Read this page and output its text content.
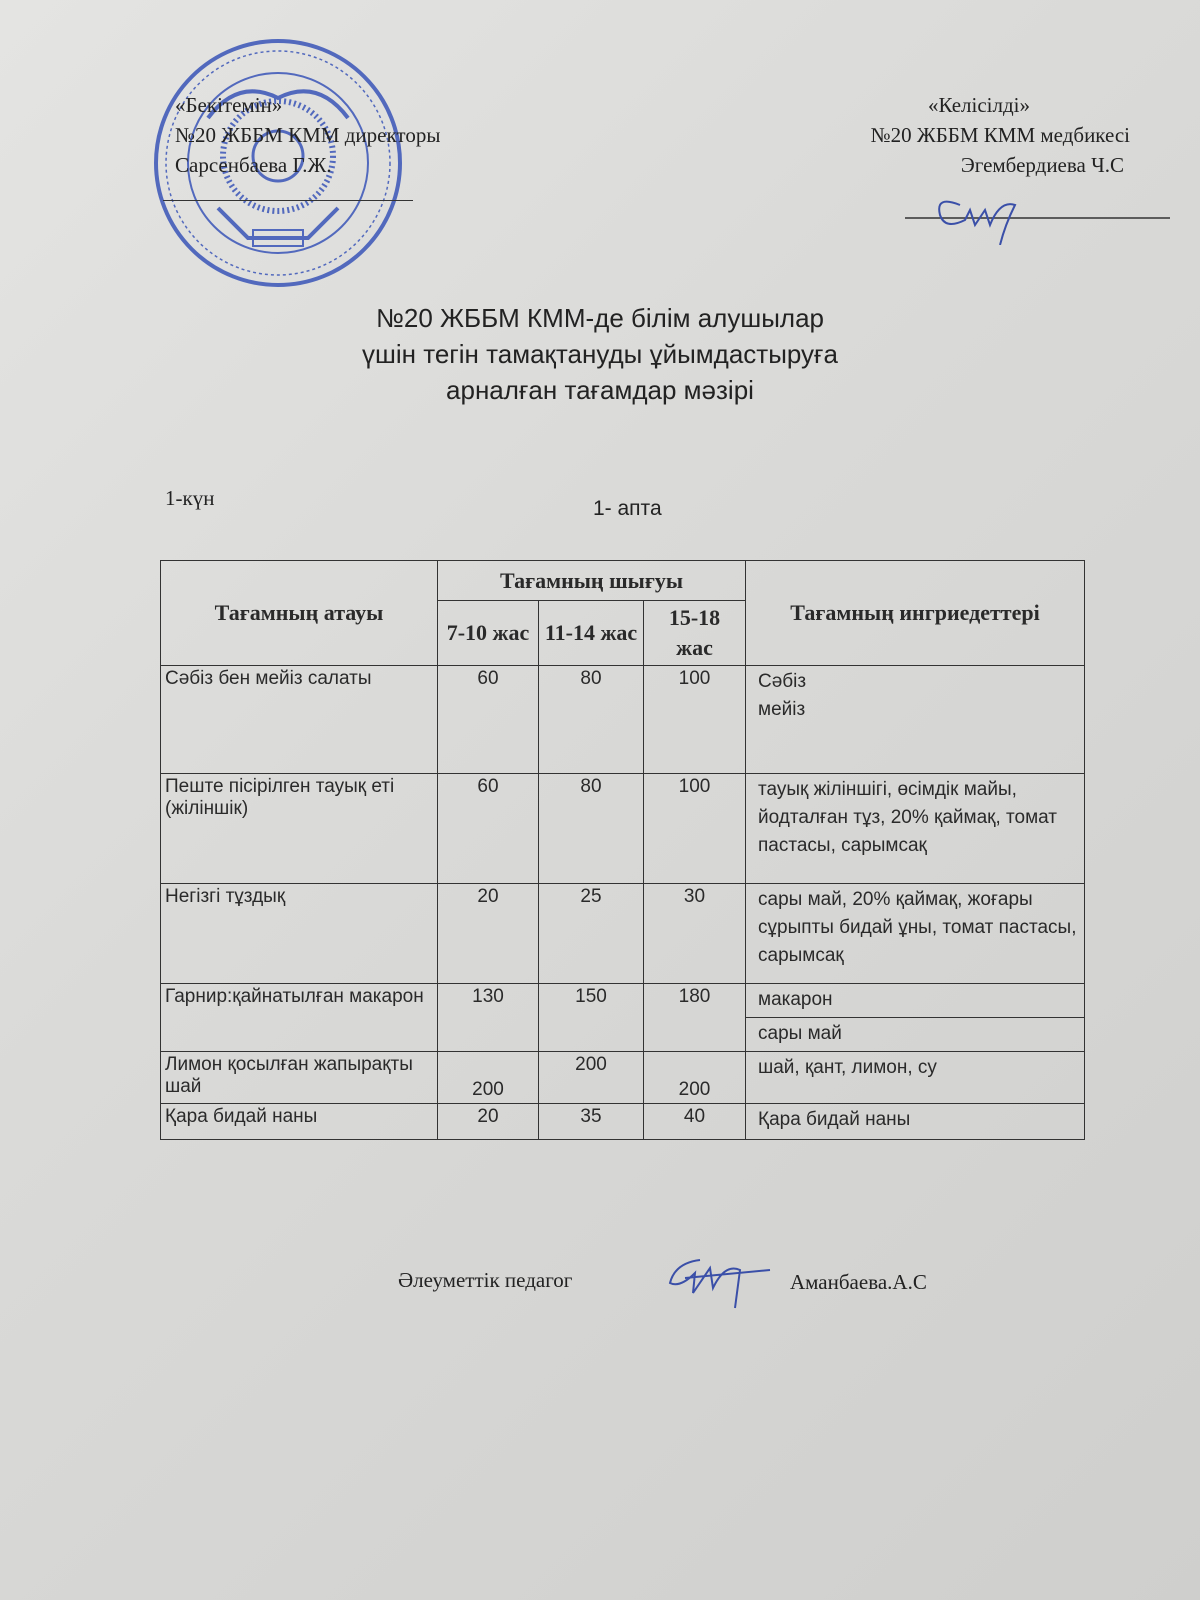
«Бекітемін»
№20 ЖББМ КММ директоры
Сарсенбаева Г.Ж.
«Келісілді»
№20 ЖББМ КММ медбикесі
Эгембердиева Ч.С
№20 ЖББМ КММ-де білім алушылар
үшін тегін тамақтануды ұйымдастыруға
арналған тағамдар мәзірі
1-күн	1- апта
Тағамның атауы	Тағамның шығуы			Тағамның ингриедеттері
	7-10 жас	11-14 жас	15-18 жас	
Сәбіз бен мейіз салаты	60	80	100	Сәбіз
мейіз

Пеште пісірілген тауық еті (жіліншік)	60	80	100	тауық жіліншігі, өсімдік майы, йодталған тұз, 20% қаймақ, томат пастасы, сарымсақ
Негізгі тұздық	20	25	30	сары май, 20% қаймақ, жоғары сұрыпты бидай ұны, томат пастасы, сарымсақ
Гарнир:қайнатылған макарон	130	150	180	макарон
				сары май
Лимон қосылған жапырақты шай	200	200	200	шай, қант, лимон, су
Қара бидай наны	20	35	40	Қара бидай наны
Әлеуметтік педагог	Аманбаева.А.С
